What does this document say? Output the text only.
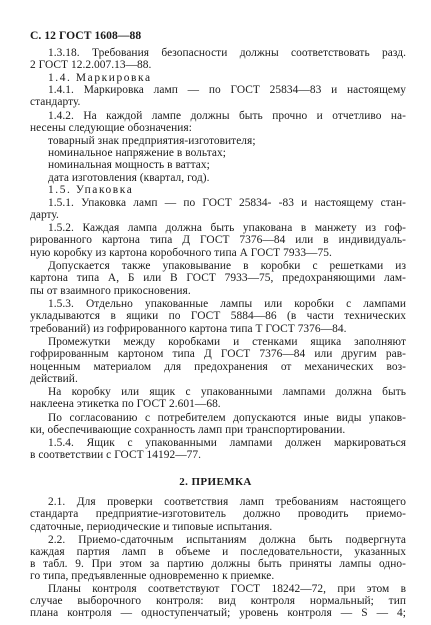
С. 12 ГОСТ 1608—88
1.3.18. Требования безопасности должны соответствовать разд.
2 ГОСТ 12.2.007.13—88.
1.4. Маркировка
1.4.1. Маркировка ламп — по ГОСТ 25834—83 и настоящему
стандарту.
1.4.2. На каждой лампе должны быть прочно и отчетливо на-
несены следующие обозначения:
товарный знак предприятия-изготовителя;
номинальное напряжение в вольтах;
номинальная мощность в ваттах;
дата изготовления (квартал, год).
1.5. Упаковка
1.5.1. Упаковка ламп — по ГОСТ 25834- -83 и настоящему стан-
дарту.
1.5.2. Каждая лампа должна быть упакована в манжету из гоф-
рированного картона типа Д ГОСТ 7376—84 или в индивидуаль-
ную коробку из картона коробочного типа А ГОСТ 7933—75.
Допускается также упаковывание в коробки с решетками из
картона типа А, Б или В ГОСТ 7933—75, предохраняющими лам-
пы от взаимного прикосновения.
1.5.3. Отдельно упакованные лампы или коробки с лампами
укладываются в ящики по ГОСТ 5884—86 (в части технических
требований) из гофрированного картона типа Т ГОСТ 7376—84.
Промежутки между коробками и стенками ящика заполняют
гофрированным картоном типа Д ГОСТ 7376—84 или другим рав-
ноценным материалом для предохранения от механических воз-
действий.
На коробку или ящик с упакованными лампами должна быть
наклеена этикетка по ГОСТ 2.601—68.
По согласованию с потребителем допускаются иные виды упаков-
ки, обеспечивающие сохранность ламп при транспортировании.
1.5.4. Ящик с упакованными лампами должен маркироваться
в соответствии с ГОСТ 14192—77.
2. ПРИЕМКА
2.1. Для проверки соответствия ламп требованиям настоящего
стандарта предприятие-изготовитель должно проводить приемо-
сдаточные, периодические и типовые испытания.
2.2. Приемо-сдаточным испытаниям должна быть подвергнута
каждая партия ламп в объеме и последовательности, указанных
в табл. 9. При этом за партию должны быть приняты лампы одно-
го типа, предъявленные одновременно к приемке.
Планы контроля соответствуют ГОСТ 18242—72, при этом в
случае выборочного контроля: вид контроля нормальный; тип
плана контроля — одноступенчатый; уровень контроля — S — 4;
